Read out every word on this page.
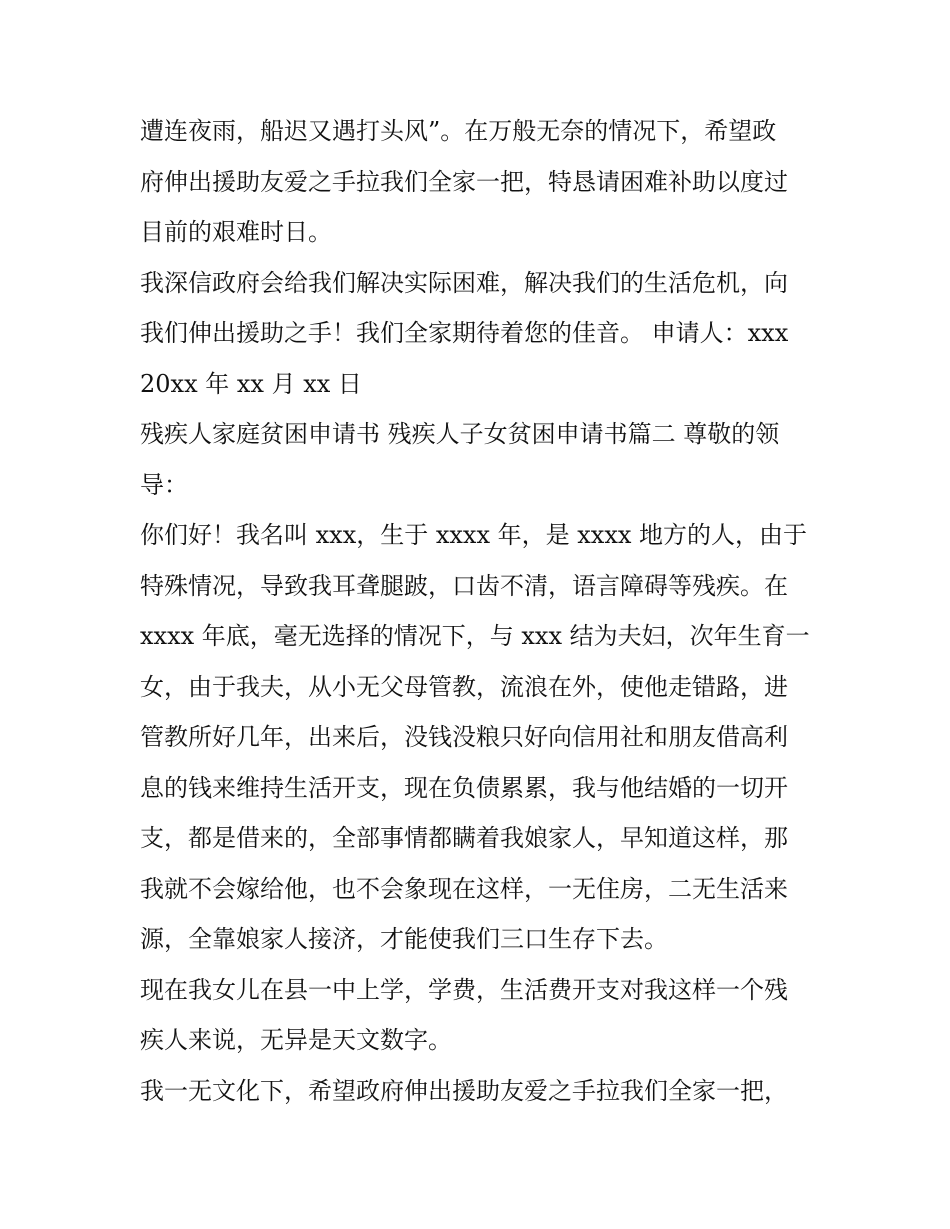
遭连夜雨，船迟又遇打头风”。在万般无奈的情况下，希望政
府伸出援助友爱之手拉我们全家一把，特恳请困难补助以度过
目前的艰难时日。
我深信政府会给我们解决实际困难，解决我们的生活危机，向
我们伸出援助之手！我们全家期待着您的佳音。 申请人：xxx
20xx 年 xx 月 xx 日
残疾人家庭贫困申请书 残疾人子女贫困申请书篇二 尊敬的领
导：
你们好！我名叫 xxx，生于 xxxx 年，是 xxxx 地方的人，由于
特殊情况，导致我耳聋腿跛，口齿不清，语言障碍等残疾。在
xxxx 年底，毫无选择的情况下，与 xxx 结为夫妇，次年生育一
女，由于我夫，从小无父母管教，流浪在外，使他走错路，进
管教所好几年，出来后，没钱没粮只好向信用社和朋友借高利
息的钱来维持生活开支，现在负债累累，我与他结婚的一切开
支，都是借来的，全部事情都瞒着我娘家人，早知道这样，那
我就不会嫁给他，也不会象现在这样，一无住房，二无生活来
源，全靠娘家人接济，才能使我们三口生存下去。
现在我女儿在县一中上学，学费，生活费开支对我这样一个残
疾人来说，无异是天文数字。
我一无文化下，希望政府伸出援助友爱之手拉我们全家一把，
